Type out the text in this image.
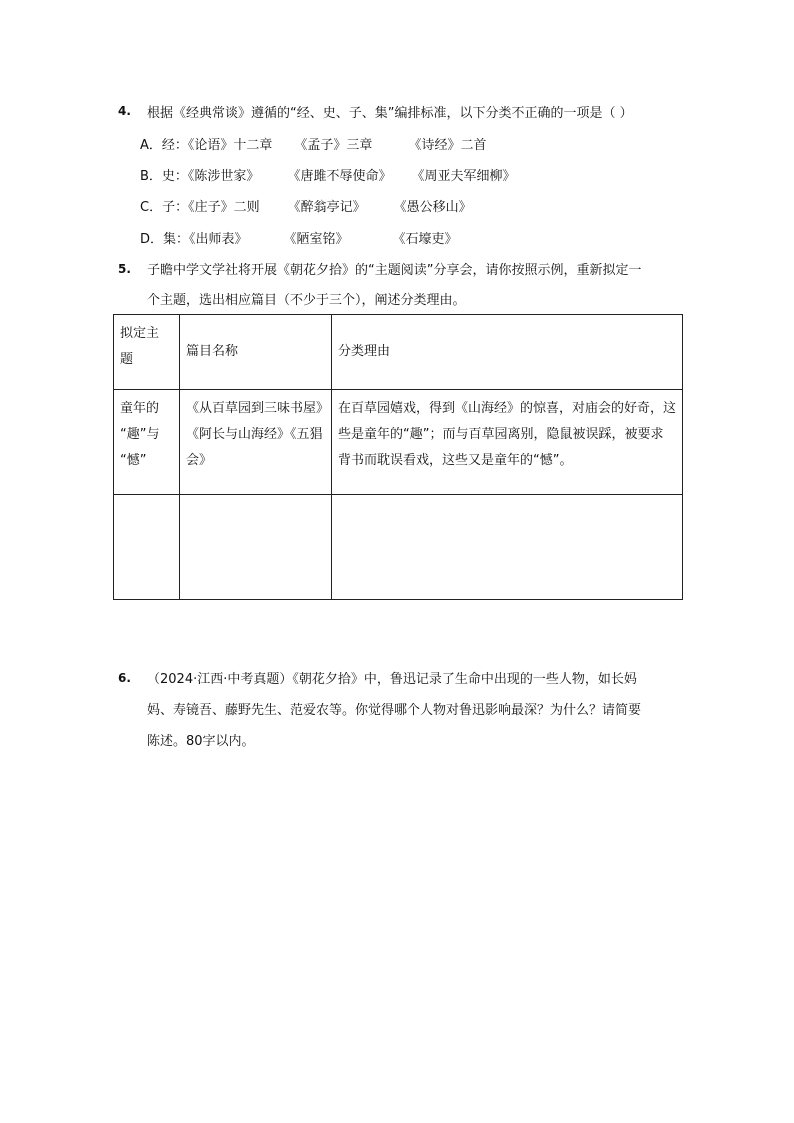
4. 根据《经典常谈》遵循的“经、史、子、集”编排标准，以下分类不正确的一项是（ ）
A．经：《论语》十二章 《孟子》三章	《诗经》二首
B．史：《陈涉世家》 《唐雎不辱使命》 《周亚夫军细柳》
C．子：《庄子》二则 《醉翁亭记》 《愚公移山》
D．集：《出师表》	《陋室铭》	《石壕吏》
5. 子瞻中学文学社将开展《朝花夕拾》的“主题阅读”分享会，请你按照示例，重新拟定一
个主题，选出相应篇目（不少于三个），阐述分类理由。
拟定主 题	篇目名称	分类理由
童年的 “趣”与 “憾”	《从百草园到三味书屋》《阿长与山海经》《五猖会》	在百草园嬉戏，得到《山海经》的惊喜，对庙会的好奇，这些是童年的“趣”；而与百草园离别，隐鼠被误踩，被要求背书而耽误看戏，这些又是童年的“憾”。

6. （2024·江西·中考真题）《朝花夕拾》中，鲁迅记录了生命中出现的一些人物，如长妈
妈、寿镜吾、藤野先生、范爱农等。你觉得哪个人物对鲁迅影响最深？为什么？请简要
陈述。80字以内。
